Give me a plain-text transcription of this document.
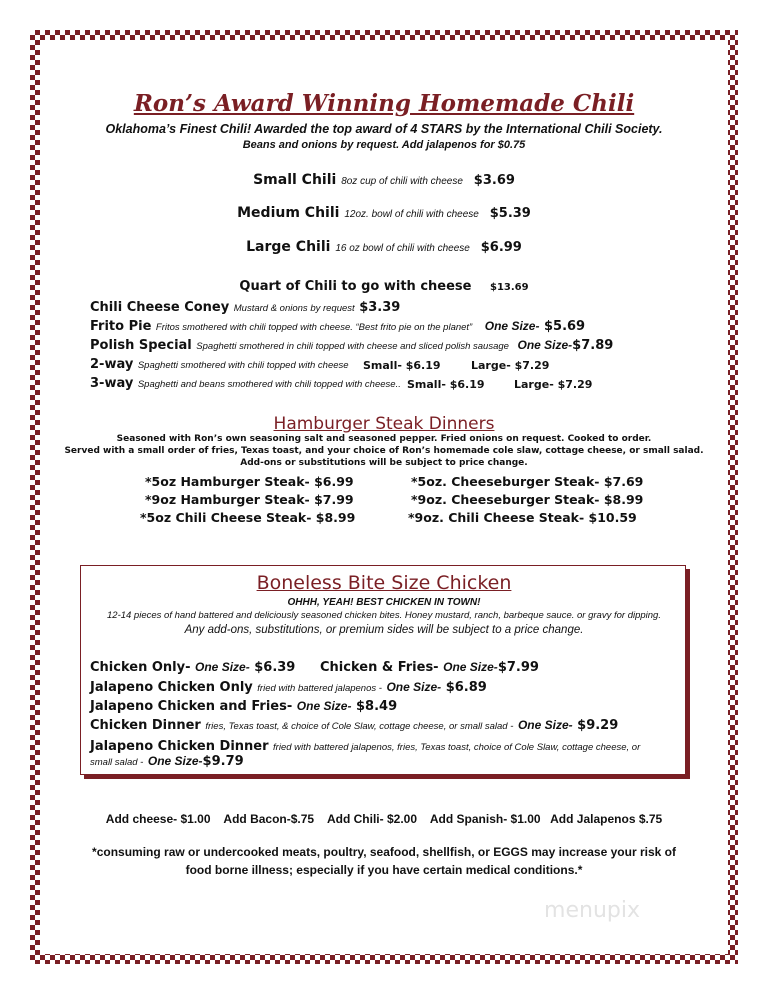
Ron’s Award Winning Homemade Chili
Oklahoma’s Finest Chili! Awarded the top award of 4 STARS by the International Chili Society.
Beans and onions by request. Add jalapenos for $0.75
Small Chili 8oz cup of chili with cheese $3.69
Medium Chili 12oz. bowl of chili with cheese $5.39
Large Chili 16 oz bowl of chili with cheese $6.99
Quart of Chili to go with cheese $13.69
Chili Cheese Coney Mustard & onions by request $3.39
Frito Pie Fritos smothered with chili topped with cheese. “Best frito pie on the planet” One Size- $5.69
Polish Special Spaghetti smothered in chili topped with cheese and sliced polish sausage One Size-$7.89
2-way Spaghetti smothered with chili topped with cheese Small- $6.19	Large- $7.29
3-way Spaghetti and beans smothered with chili topped with cheese.. Small- $6.19	Large- $7.29
Hamburger Steak Dinners
Seasoned with Ron’s own seasoning salt and seasoned pepper. Fried onions on request. Cooked to order.
Served with a small order of fries, Texas toast, and your choice of Ron’s homemade cole slaw, cottage cheese, or small salad.
Add-ons or substitutions will be subject to price change.
*5oz Hamburger Steak- $6.99
*9oz Hamburger Steak- $7.99
*5oz Chili Cheese Steak- $8.99
*5oz. Cheeseburger Steak- $7.69
*9oz. Cheeseburger Steak- $8.99
*9oz. Chili Cheese Steak- $10.59
Boneless Bite Size Chicken
OHHH, YEAH! BEST CHICKEN IN TOWN!
12-14 pieces of hand battered and deliciously seasoned chicken bites. Honey mustard, ranch, barbeque sauce. or gravy for dipping.
Any add-ons, substitutions, or premium sides will be subject to a price change.
Chicken Only- One Size- $6.39 Chicken & Fries- One Size-$7.99
Jalapeno Chicken Only fried with battered jalapenos - One Size- $6.89
Jalapeno Chicken and Fries- One Size- $8.49
Chicken Dinner fries, Texas toast, & choice of Cole Slaw, cottage cheese, or small salad - One Size- $9.29
Jalapeno Chicken Dinner fried with battered jalapenos, fries, Texas toast, choice of Cole Slaw, cottage cheese, or
small salad - One Size-$9.79
Add cheese- $1.00    Add Bacon-$.75    Add Chili- $2.00    Add Spanish- $1.00   Add Jalapenos $.75
*consuming raw or undercooked meats, poultry, seafood, shellfish, or EGGS may increase your risk of
food borne illness; especially if you have certain medical conditions.*
menupix
